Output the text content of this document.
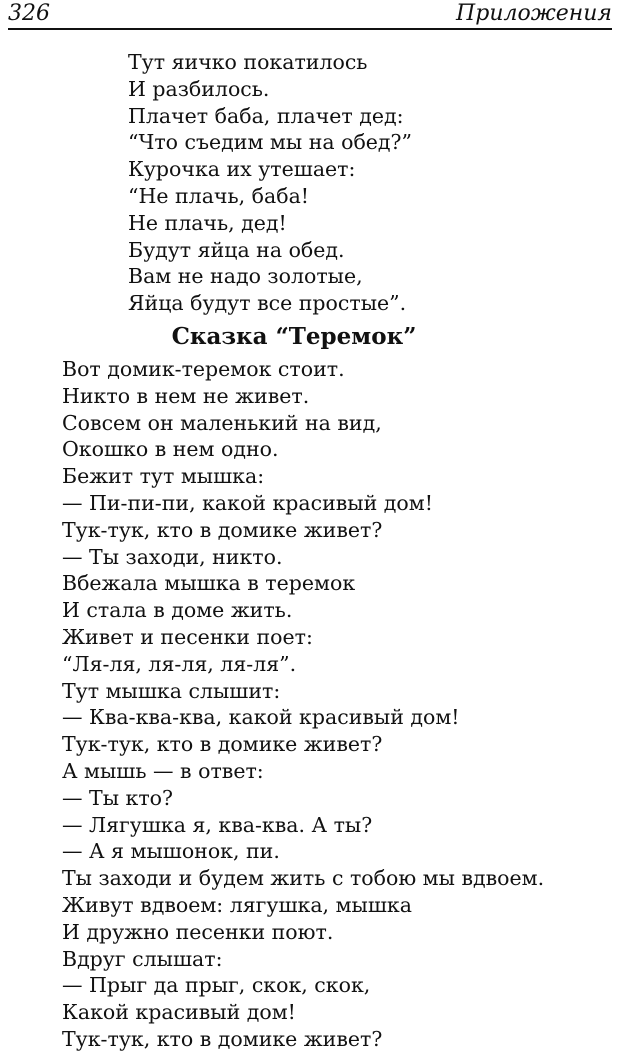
326	Приложения
Тут яичко покатилось
И разбилось.
Плачет баба, плачет дед:
“Что съедим мы на обед?”
Курочка их утешает:
“Не плачь, баба!
Не плачь, дед!
Будут яйца на обед.
Вам не надо золотые,
Яйца будут все простые”.
Сказка “Теремок”
Вот домик-теремок стоит.
Никто в нем не живет.
Совсем он маленький на вид,
Окошко в нем одно.
Бежит тут мышка:
— Пи-пи-пи, какой красивый дом!
Тук-тук, кто в домике живет?
— Ты заходи, никто.
Вбежала мышка в теремок
И стала в доме жить.
Живет и песенки поет:
“Ля-ля, ля-ля, ля-ля”.
Тут мышка слышит:
— Ква-ква-ква, какой красивый дом!
Тук-тук, кто в домике живет?
А мышь — в ответ:
— Ты кто?
— Лягушка я, ква-ква. А ты?
— А я мышонок, пи.
Ты заходи и будем жить с тобою мы вдвоем.
Живут вдвоем: лягушка, мышка
И дружно песенки поют.
Вдруг слышат:
— Прыг да прыг, скок, скок,
Какой красивый дом!
Тук-тук, кто в домике живет?
